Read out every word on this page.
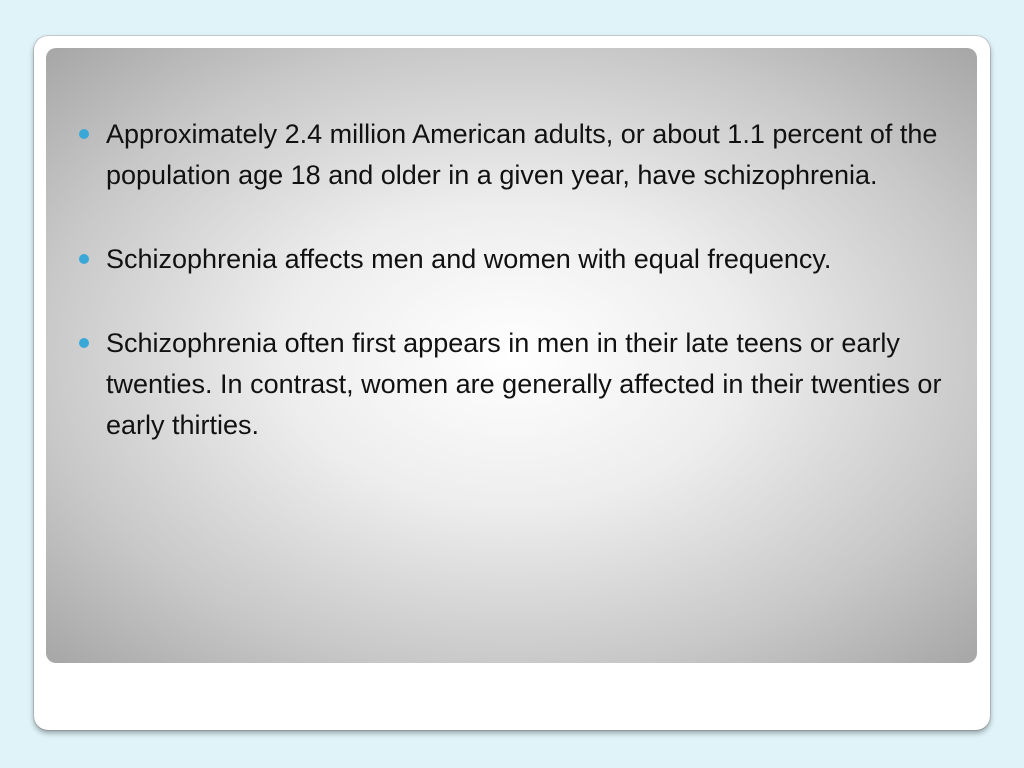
Approximately 2.4 million American adults, or about 1.1 percent of the population age 18 and older in a given year, have schizophrenia.
Schizophrenia affects men and women with equal frequency.
Schizophrenia often first appears in men in their late teens or early twenties. In contrast, women are generally affected in their twenties or early thirties.
